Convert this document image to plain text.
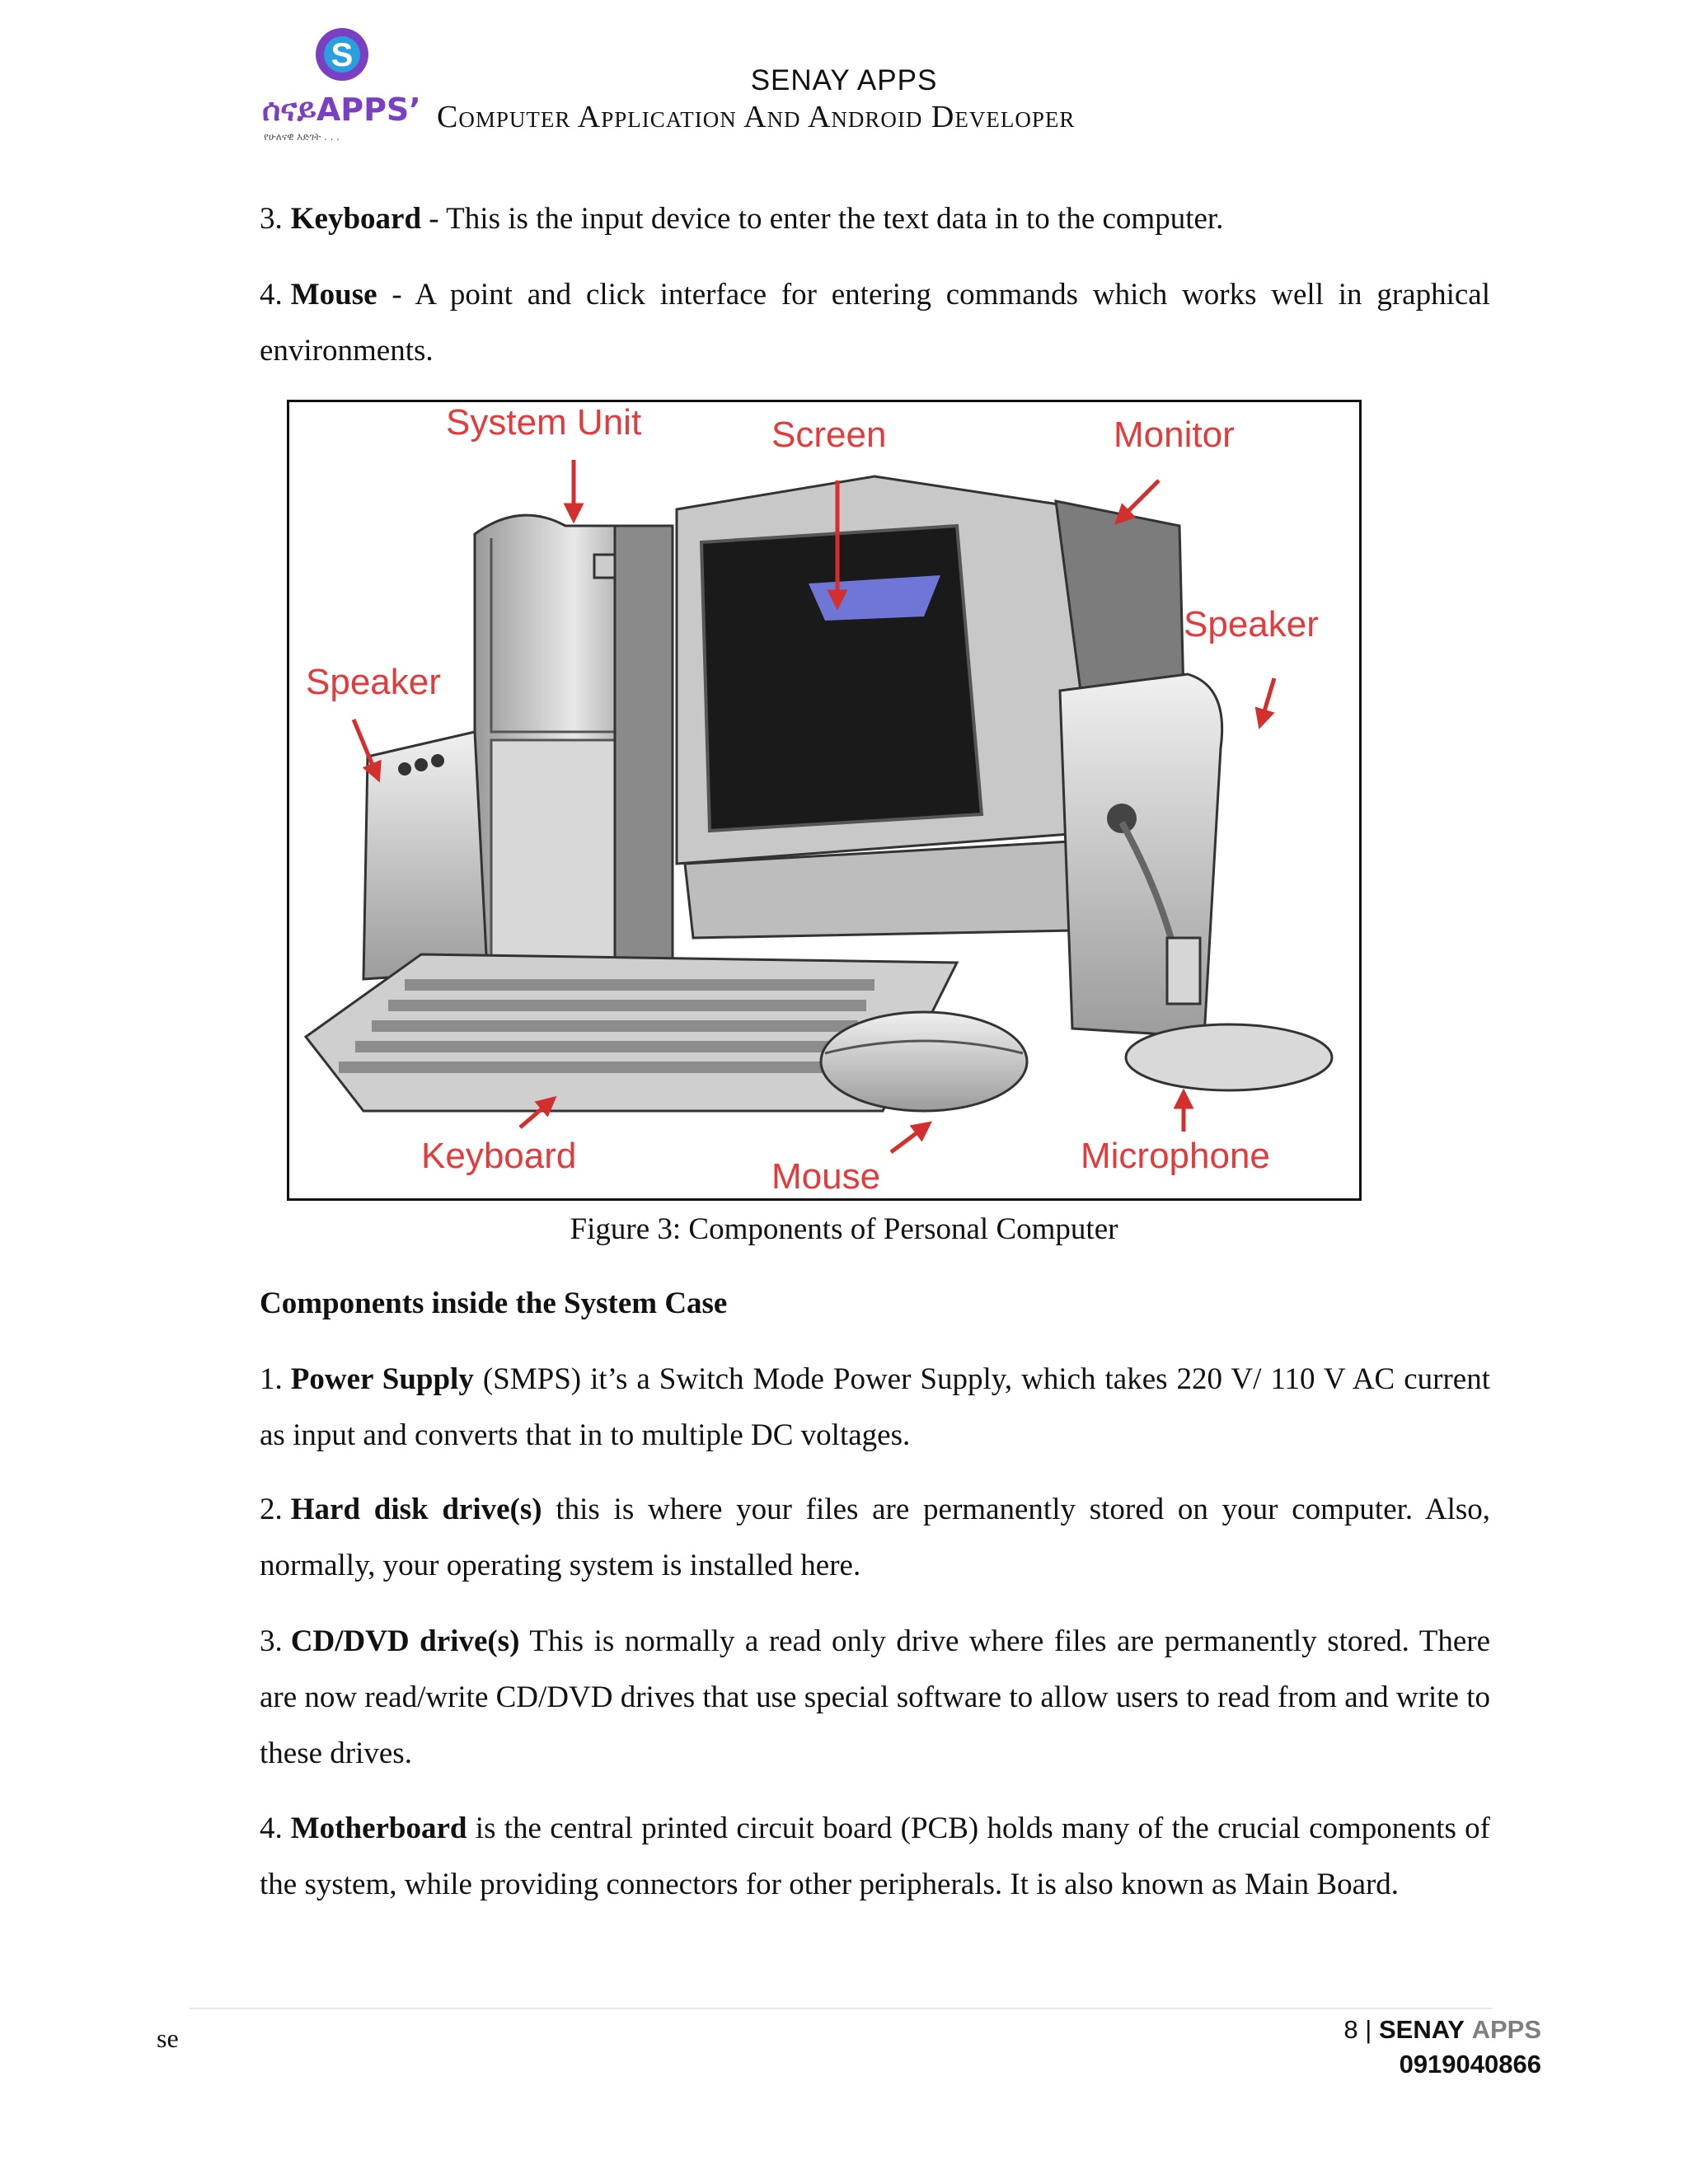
S
ሰናይAPPS’
የሁለናዊ እድገት . . .
SENAY APPS
Computer Application And Android Developer
3. Keyboard - This is the input device to enter the text data in to the computer.
4. Mouse - A point and click interface for entering commands which works well in graphical environments.
System Unit	Screen	Monitor
Speaker
Speaker
Keyboard
Mouse
Microphone
Figure 3: Components of Personal Computer
Components inside the System Case
1. Power Supply (SMPS) it’s a Switch Mode Power Supply, which takes 220 V/ 110 V AC current as input and converts that in to multiple DC voltages.
2. Hard disk drive(s) this is where your files are permanently stored on your computer. Also, normally, your operating system is installed here.
3. CD/DVD drive(s) This is normally a read only drive where files are permanently stored. There are now read/write CD/DVD drives that use special software to allow users to read from and write to these drives.
4. Motherboard is the central printed circuit board (PCB) holds many of the crucial components of the system, while providing connectors for other peripherals. It is also known as Main Board.
se	8 | SENAY APPS
0919040866
